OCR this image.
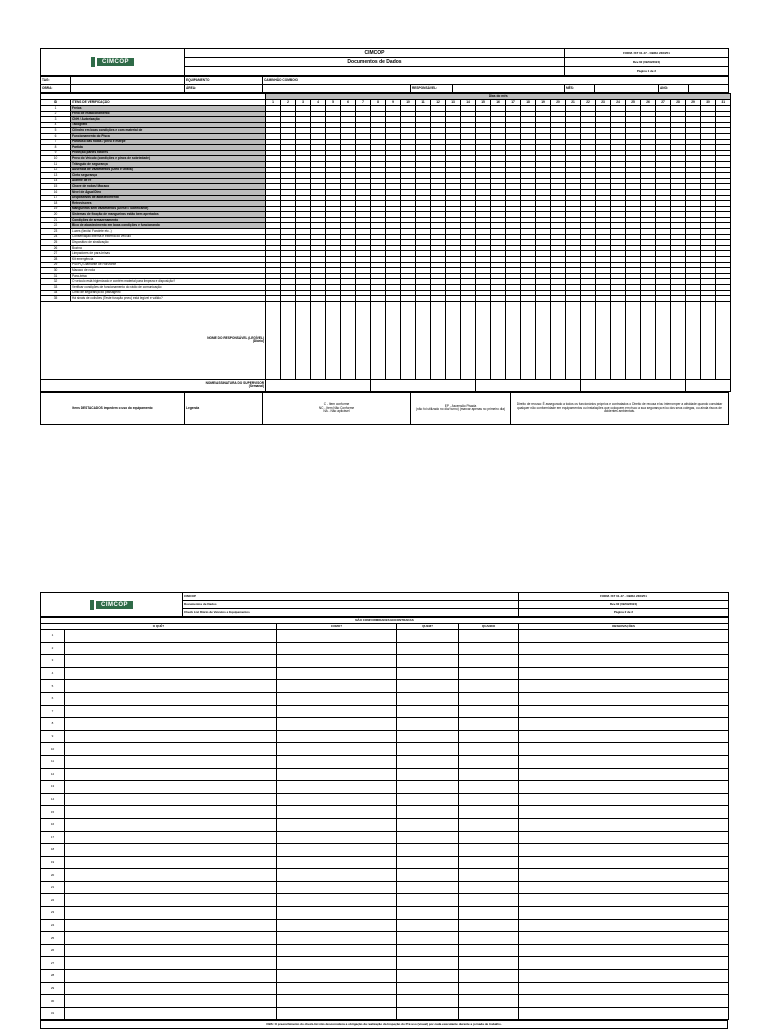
CIMCOP	CIMCOP	FORM. IST 01-47 - OBRA 236/251
	Documentos de Dados	Rev.02 (09/09/2024)
		Página 1 de 2
TAG:		EQUIPAMENTO	CAMINHÃO COMBOIO						
OBRA:		ÁREA:		RESPONSÁVEL:		MÊS:		ANO:	
		Dias do mês																														
ID	ITENS DE VERIFICAÇÃO	1	2	3	4	5	6	7	8	9	10	11	12	13	14	15	16	17	18	19	20	21	22	23	24	25	26	27	28	29	30	31
1	Freios																															
2	Freio de estacionamento																															
3	CNH / Autorização																															
4	Tacógrafo																															
5	Cilindro em boas condições e com material de																															
6	Funcionamento do Pisca																															
7	Parafuso das rodas / pneu e estepe																															
8	Partida																															
9	Proteção partes rotores																															
10	Pneu do Veículo (condições e pinos de sobriedade)																															
11	Triângulo de segurança																															
12	Ausência de Vazamentos (Óleo e Graxa)																															
13	Cinto segurança																															
14	Alarme de ré																															
15	Chave de rodas/ Macaco																															
16	Nível de Água/Óleo																															
17	Dispositivos de abastecimento																															
18	Retrovisores																															
19	Mangueiras sem vazamentos (Diesel / lubrificante)																															
20	Sistemas de fixação de mangueiras estão bem apertados																															
21	Condições de armazenamento																															
22	Bico de abastecimento em boas condições e funcionando																															
23	Luzes (faróis/ Farolete etc..)																															
24	Conservação interna e externa do veículo																															
25	Dispositivo de sinalização																															
26	Buzina																															
27	Limpadores de para-brisas																															
28	Kit emergência																															
29	PSI/PQ Diamante de Horizonte																															
30	Macaco de roda																															
31	Para-brisa																															
32	O veículo está higienizado e contém material para limpeza e disposição?																															
33	Verificar condições de funcionamento do rádio de comunicação																															
34	Cinto de segurança do passageiro																															
35	Há sinais de colisões (Teste furação pneu) está legível e válido?																															

NOME DO RESPONSÁVEL (LEGÍVEL)
(Diário)																																

NOME/ASSINATURA DO SUPERVISOR
(Semanal)																																

Itens DESTACADOS impedem o uso do equipamento	Legenda	
C - Item conforme
NC - Item Não Conforme
NA - Não aplicável

EP - Ascensão Pisada
(não foi utilizado no dia/ turno) (marcar apenas no primeiro dia)
	Direito de recusa: É assegurado a todos os funcionários próprios e contratados o Direito de recusa e/ou interromper a atividade quando constatar qualquer não conformidade em equipamentos ou instalações que coloquem em risco a sua segurança e/ou dos seus colegas, ou ainda riscos de acidentes ambientais.
CIMCOP	CIMCOP	FORM. IST 01-47 - OBRA 236/251
	Documentos de Dados	Rev.02 (09/09/2024)
	Check List Diário de Veículos e Equipamentos	Página 2 de 2
NÃO CONFORMIDADES ENCONTRADAS					
O QUÊ?		COMO?	QUEM?	QUANDO	OBSERVAÇÕES
1					
2					
3					
4					
5					
6					
7					
8					
9					
10					
11					
12					
13					
14					
15					
16					
17					
18					
19					
20					
21					
22					
23					
24					
25					
26					
27					
28					
29					
30					
31					
OBS: O preenchimento do check-list não desconsidera a obrigação da realização da Inspeção do Pré uso (visual) por cada executante durante a jornada de trabalho.
